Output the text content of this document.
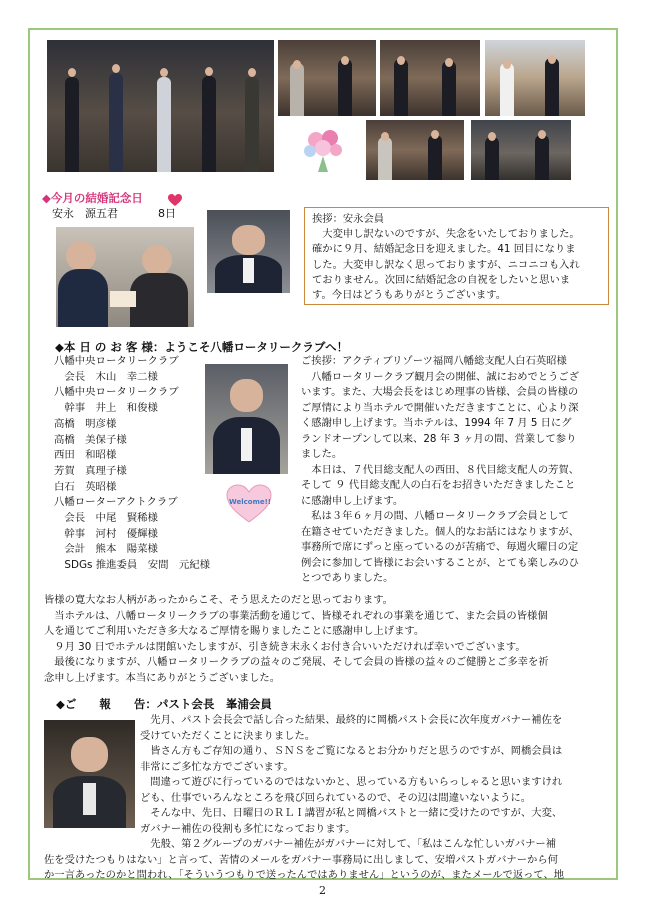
◆今月の結婚記念日
安永　源五君	8日	挨拶：安永会員

　大変申し訳ないのですが、失念をいたしておりました。

確かに９月、結婚記念日を迎えました。41 回目になりま

した。大変申し訳なく思っておりますが、ニコニコも入れ

ておりません。次回に結婚記念の自祝をしたいと思いま

す。今日はどうもありがとうございます。

◆本 日 の お 客 様：ようこそ八幡ロータリークラブへ！
八幡中央ロータリークラブ
　会長　木山　幸二様
八幡中央ロータリークラブ
　幹事　井上　和俊様
高橋　明彦様
高橋　美保子様
西田　和昭様
芳賀　真理子様
白石　英昭様
八幡ローターアクトクラブ
　会長　中尾　賢稀様
　幹事　河村　優輝様
　会計　熊本　陽菜様
　SDGs 推進委員　安間　元紀様
Welcome!!

ご挨拶：アクティブリゾーツ福岡八幡総支配人白石英昭様

　八幡ロータリークラブ観月会の開催、誠におめでとうござ

います。また、大場会長をはじめ理事の皆様、会員の皆様の

ご厚情により当ホテルで開催いただきますことに、心より深

く感謝申し上げます。当ホテルは、1994 年 7 月 5 日にグ

ランドオープンして以来、28 年 3 ヶ月の間、営業して参り

ました。

　本日は、７代目総支配人の西田、８代目総支配人の芳賀、

そして ９ 代目総支配人の白石をお招きいただきましたこと

に感謝申し上げます。

　私は３年６ヶ月の間、八幡ロータリークラブ会員として

在籍させていただきました。個人的なお話にはなりますが、

事務所で席にずっと座っているのが苦痛で、毎週火曜日の定

例会に参加して皆様にお会いすることが、とても楽しみのひ

とつでありました。

皆様の寛大なお人柄があったからこそ、そう思えたのだと思っております。

　当ホテルは、八幡ロータリークラブの事業活動を通じて、皆様それぞれの事業を通じて、また会員の皆様個

人を通じてご利用いただき多大なるご厚情を賜りましたことに感謝申し上げます。

　９月 30 日でホテルは閉館いたしますが、引き続き末永くお付き合いいただければ幸いでございます。

　最後になりますが、八幡ロータリークラブの益々のご発展、そして会員の皆様の益々のご健勝とご多幸を祈

念申し上げます。本当にありがとうございました。

◆ご　　報　　告：パスト会長　峯浦会員

　先月、パスト会長会で話し合った結果、最終的に岡橋パスト会長に次年度ガバナー補佐を

受けていただくことに決まりました。

　皆さん方もご存知の通り、ＳＮＳをご覧になるとお分かりだと思うのですが、岡橋会員は

非常にご多忙な方でございます。

　間違って遊びに行っているのではないかと、思っている方もいらっしゃると思いますけれ

ども、仕事でいろんなところを飛び回られているので、その辺は間違いないように。

　そんな中、先日、日曜日のＲＬＩ講習が私と岡橋パストと一緒に受けたのですが、大変、

ガバナー補佐の役割も多忙になっております。

　先般、第２グループのガバナー補佐がガバナーに対して、「私はこんな忙しいガバナー補

佐を受けたつもりはない」と言って、苦情のメールをガバナー事務局に出しまして、安増パストガバナーから何

か一言あったのかと問われ、「そういうつもりで送ったんではありません」というのが、またメールで返って、地

2
